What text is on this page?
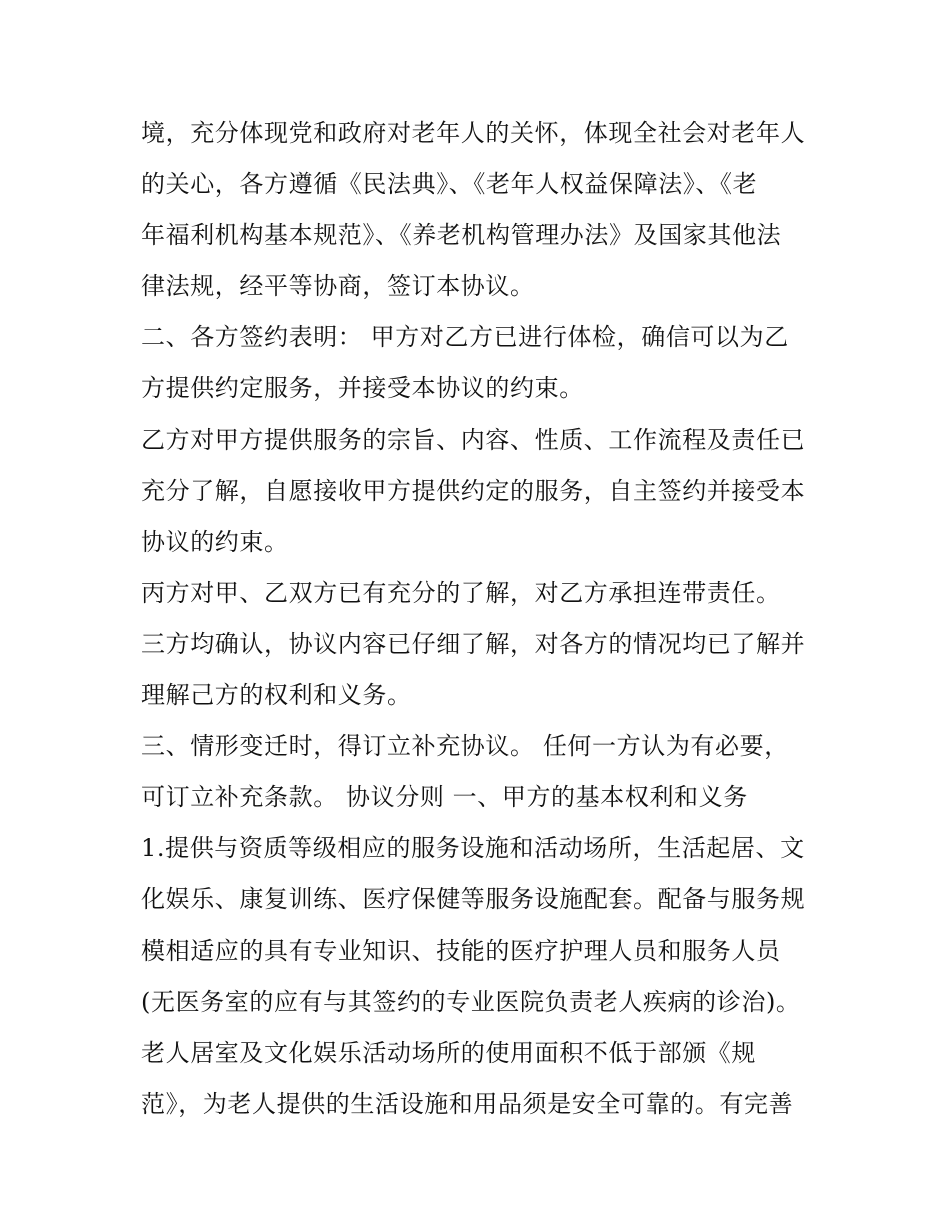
境，充分体现党和政府对老年人的关怀，体现全社会对老年人
的关心，各方遵循《民法典》、《老年人权益保障法》、《老
年福利机构基本规范》、《养老机构管理办法》及国家其他法
律法规，经平等协商，签订本协议。
二、各方签约表明： 甲方对乙方已进行体检，确信可以为乙
方提供约定服务，并接受本协议的约束。
乙方对甲方提供服务的宗旨、内容、性质、工作流程及责任已
充分了解，自愿接收甲方提供约定的服务，自主签约并接受本
协议的约束。
丙方对甲、乙双方已有充分的了解，对乙方承担连带责任。
三方均确认，协议内容已仔细了解，对各方的情况均已了解并
理解己方的权利和义务。
三、情形变迁时，得订立补充协议。 任何一方认为有必要，
可订立补充条款。 协议分则 一、甲方的基本权利和义务
1.提供与资质等级相应的服务设施和活动场所，生活起居、文
化娱乐、康复训练、医疗保健等服务设施配套。配备与服务规
模相适应的具有专业知识、技能的医疗护理人员和服务人员
(无医务室的应有与其签约的专业医院负责老人疾病的诊治)。
老人居室及文化娱乐活动场所的使用面积不低于部颁《规
范》，为老人提供的生活设施和用品须是安全可靠的。有完善
